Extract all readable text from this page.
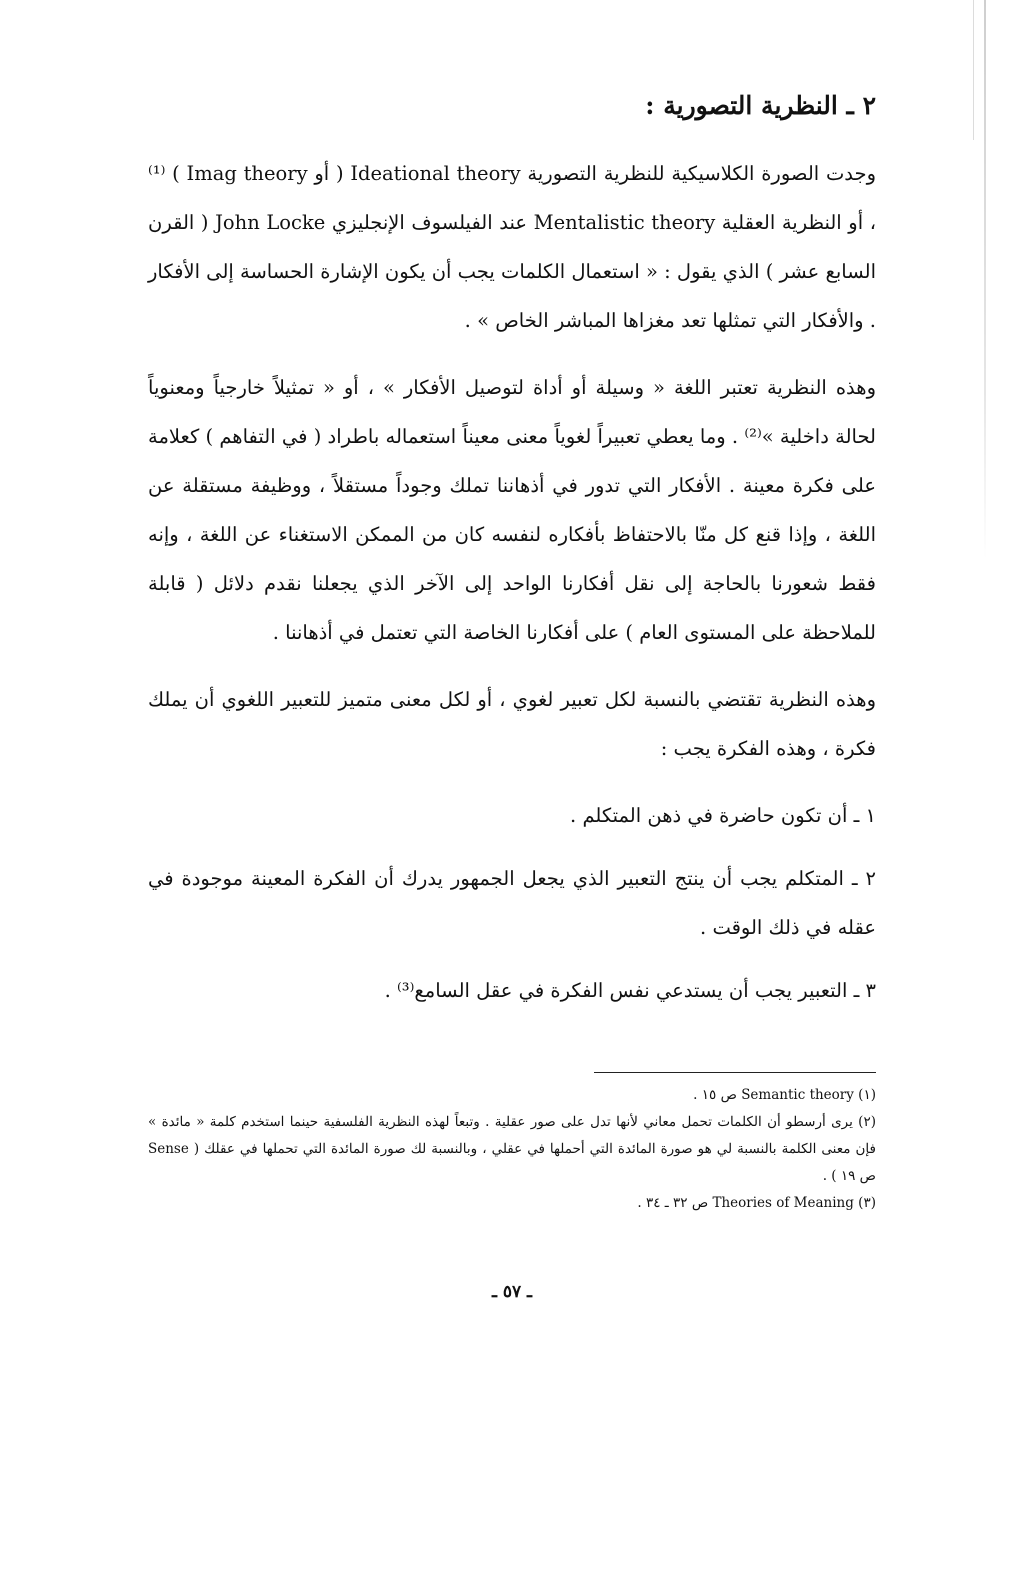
٢ ـ النظرية التصورية :

وجدت الصورة الكلاسيكية للنظرية التصورية Ideational theory ( أو Imag theory ) ⁽¹⁾ ، أو النظرية العقلية Mentalistic theory عند الفيلسوف الإنجليزي John Locke ( القرن السابع عشر ) الذي يقول : « استعمال الكلمات يجب أن يكون الإشارة الحساسة إلى الأفكار . والأفكار التي تمثلها تعد مغزاها المباشر الخاص » .

وهذه النظرية تعتبر اللغة « وسيلة أو أداة لتوصيل الأفكار » ، أو « تمثيلاً خارجياً ومعنوياً لحالة داخلية »⁽²⁾ . وما يعطي تعبيراً لغوياً معنى معيناً استعماله باطراد ( في التفاهم ) كعلامة على فكرة معينة . الأفكار التي تدور في أذهاننا تملك وجوداً مستقلاً ، ووظيفة مستقلة عن اللغة ، وإذا قنع كل منّا بالاحتفاظ بأفكاره لنفسه كان من الممكن الاستغناء عن اللغة ، وإنه فقط شعورنا بالحاجة إلى نقل أفكارنا الواحد إلى الآخر الذي يجعلنا نقدم دلائل ( قابلة للملاحظة على المستوى العام ) على أفكارنا الخاصة التي تعتمل في أذهاننا .

وهذه النظرية تقتضي بالنسبة لكل تعبير لغوي ، أو لكل معنى متميز للتعبير اللغوي أن يملك فكرة ، وهذه الفكرة يجب :

١ ـ أن تكون حاضرة في ذهن المتكلم .

٢ ـ المتكلم يجب أن ينتج التعبير الذي يجعل الجمهور يدرك أن الفكرة المعينة موجودة في عقله في ذلك الوقت .

٣ ـ التعبير يجب أن يستدعي نفس الفكرة في عقل السامع⁽³⁾ .

(١) Semantic theory ص ١٥ .

(٢) يرى أرسطو أن الكلمات تحمل معاني لأنها تدل على صور عقلية . وتبعاً لهذه النظرية الفلسفية حينما استخدم كلمة « مائدة » فإن معنى الكلمة بالنسبة لي هو صورة المائدة التي أحملها في عقلي ، وبالنسبة لك صورة المائدة التي تحملها في عقلك ( Sense ص ١٩ ) .

(٣) Theories of Meaning ص ٣٢ ـ ٣٤ .

ـ ٥٧ ـ
